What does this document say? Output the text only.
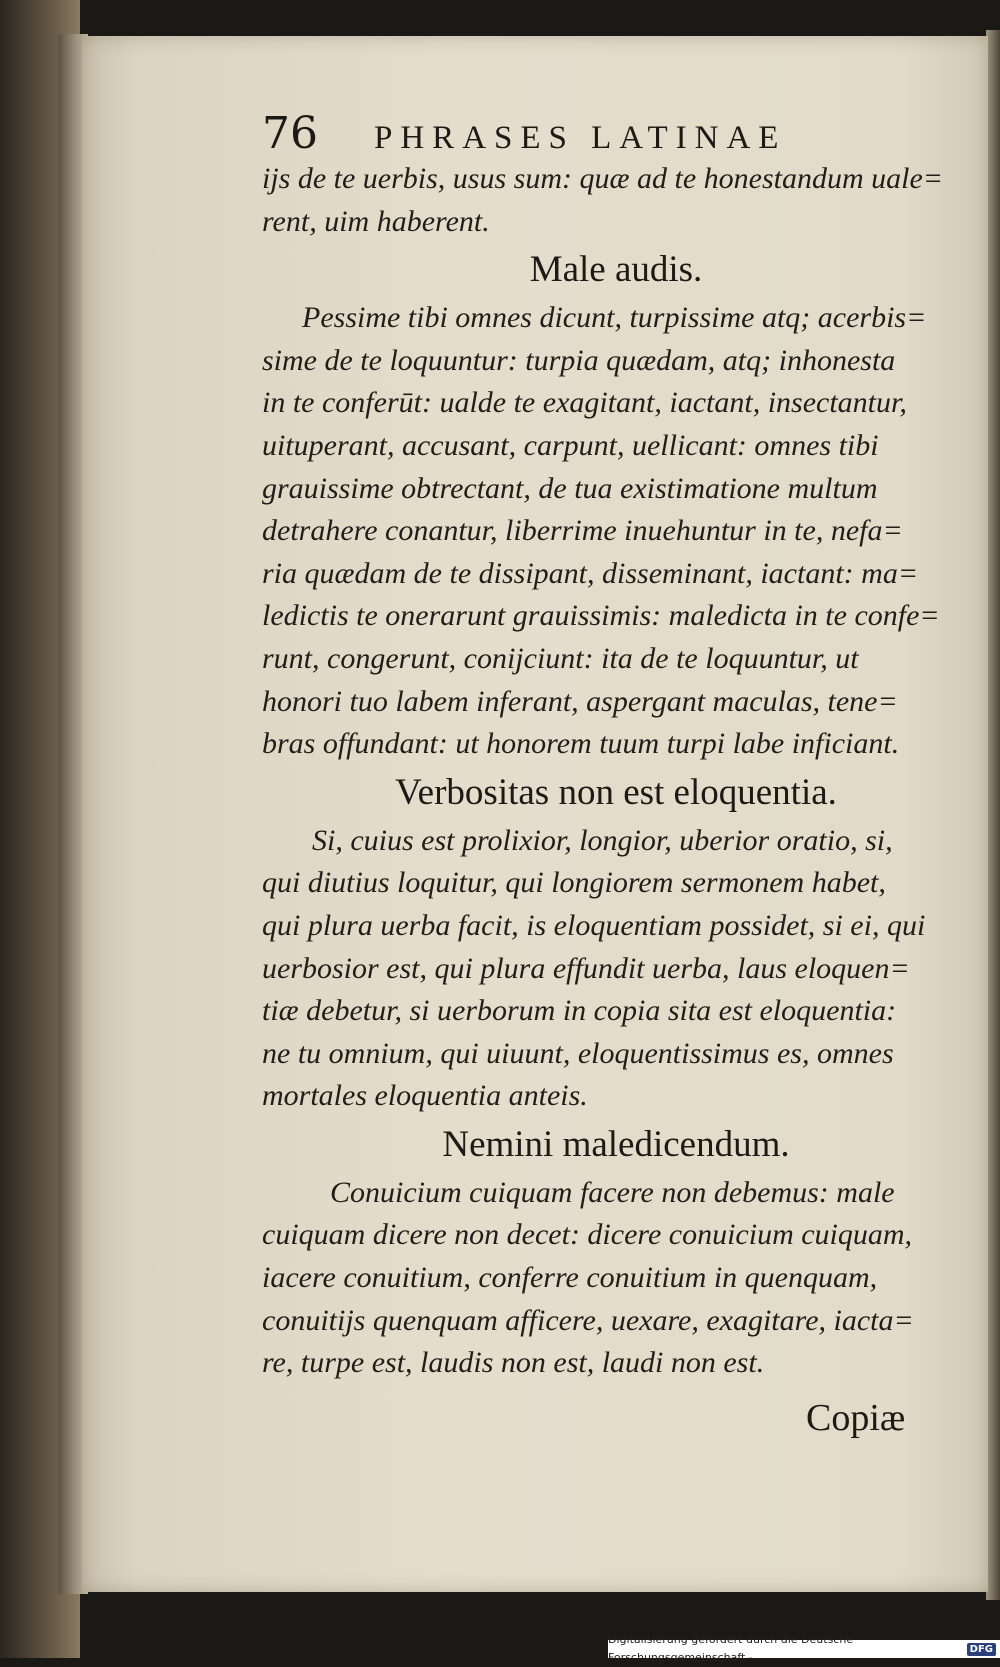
76 PHRASES LATINAE

ijs de te uerbis, usus sum: quæ ad te honestandum uale=

rent, uim haberent.

Male audis.

Pessime tibi omnes dicunt, turpissime atq; acerbis=

sime de te loquuntur: turpia quædam, atq; inhonesta

in te conferūt: ualde te exagitant, iactant, insectantur,

uituperant, accusant, carpunt, uellicant: omnes tibi

grauissime obtrectant, de tua existimatione multum

detrahere conantur, liberrime inuehuntur in te, nefa=

ria quædam de te dissipant, disseminant, iactant: ma=

ledictis te onerarunt grauissimis: maledicta in te confe=

runt, congerunt, conijciunt: ita de te loquuntur, ut

honori tuo labem inferant, aspergant maculas, tene=

bras offundant: ut honorem tuum turpi labe inficiant.

Verbositas non est eloquentia.

Si, cuius est prolixior, longior, uberior oratio, si,

qui diutius loquitur, qui longiorem sermonem habet,

qui plura uerba facit, is eloquentiam possidet, si ei, qui

uerbosior est, qui plura effundit uerba, laus eloquen=

tiæ debetur, si uerborum in copia sita est eloquentia:

ne tu omnium, qui uiuunt, eloquentissimus es, omnes

mortales eloquentia anteis.

Nemini maledicendum.

Conuicium cuiquam facere non debemus: male

cuiquam dicere non decet: dicere conuicium cuiquam,

iacere conuitium, conferre conuitium in quenquam,

conuitijs quenquam afficere, uexare, exagitare, iacta=

re, turpe est, laudis non est, laudi non est.

Copiæ
Digitalisierung gefördert durch die Deutsche Forschungsgemeinschaft -
DFG
